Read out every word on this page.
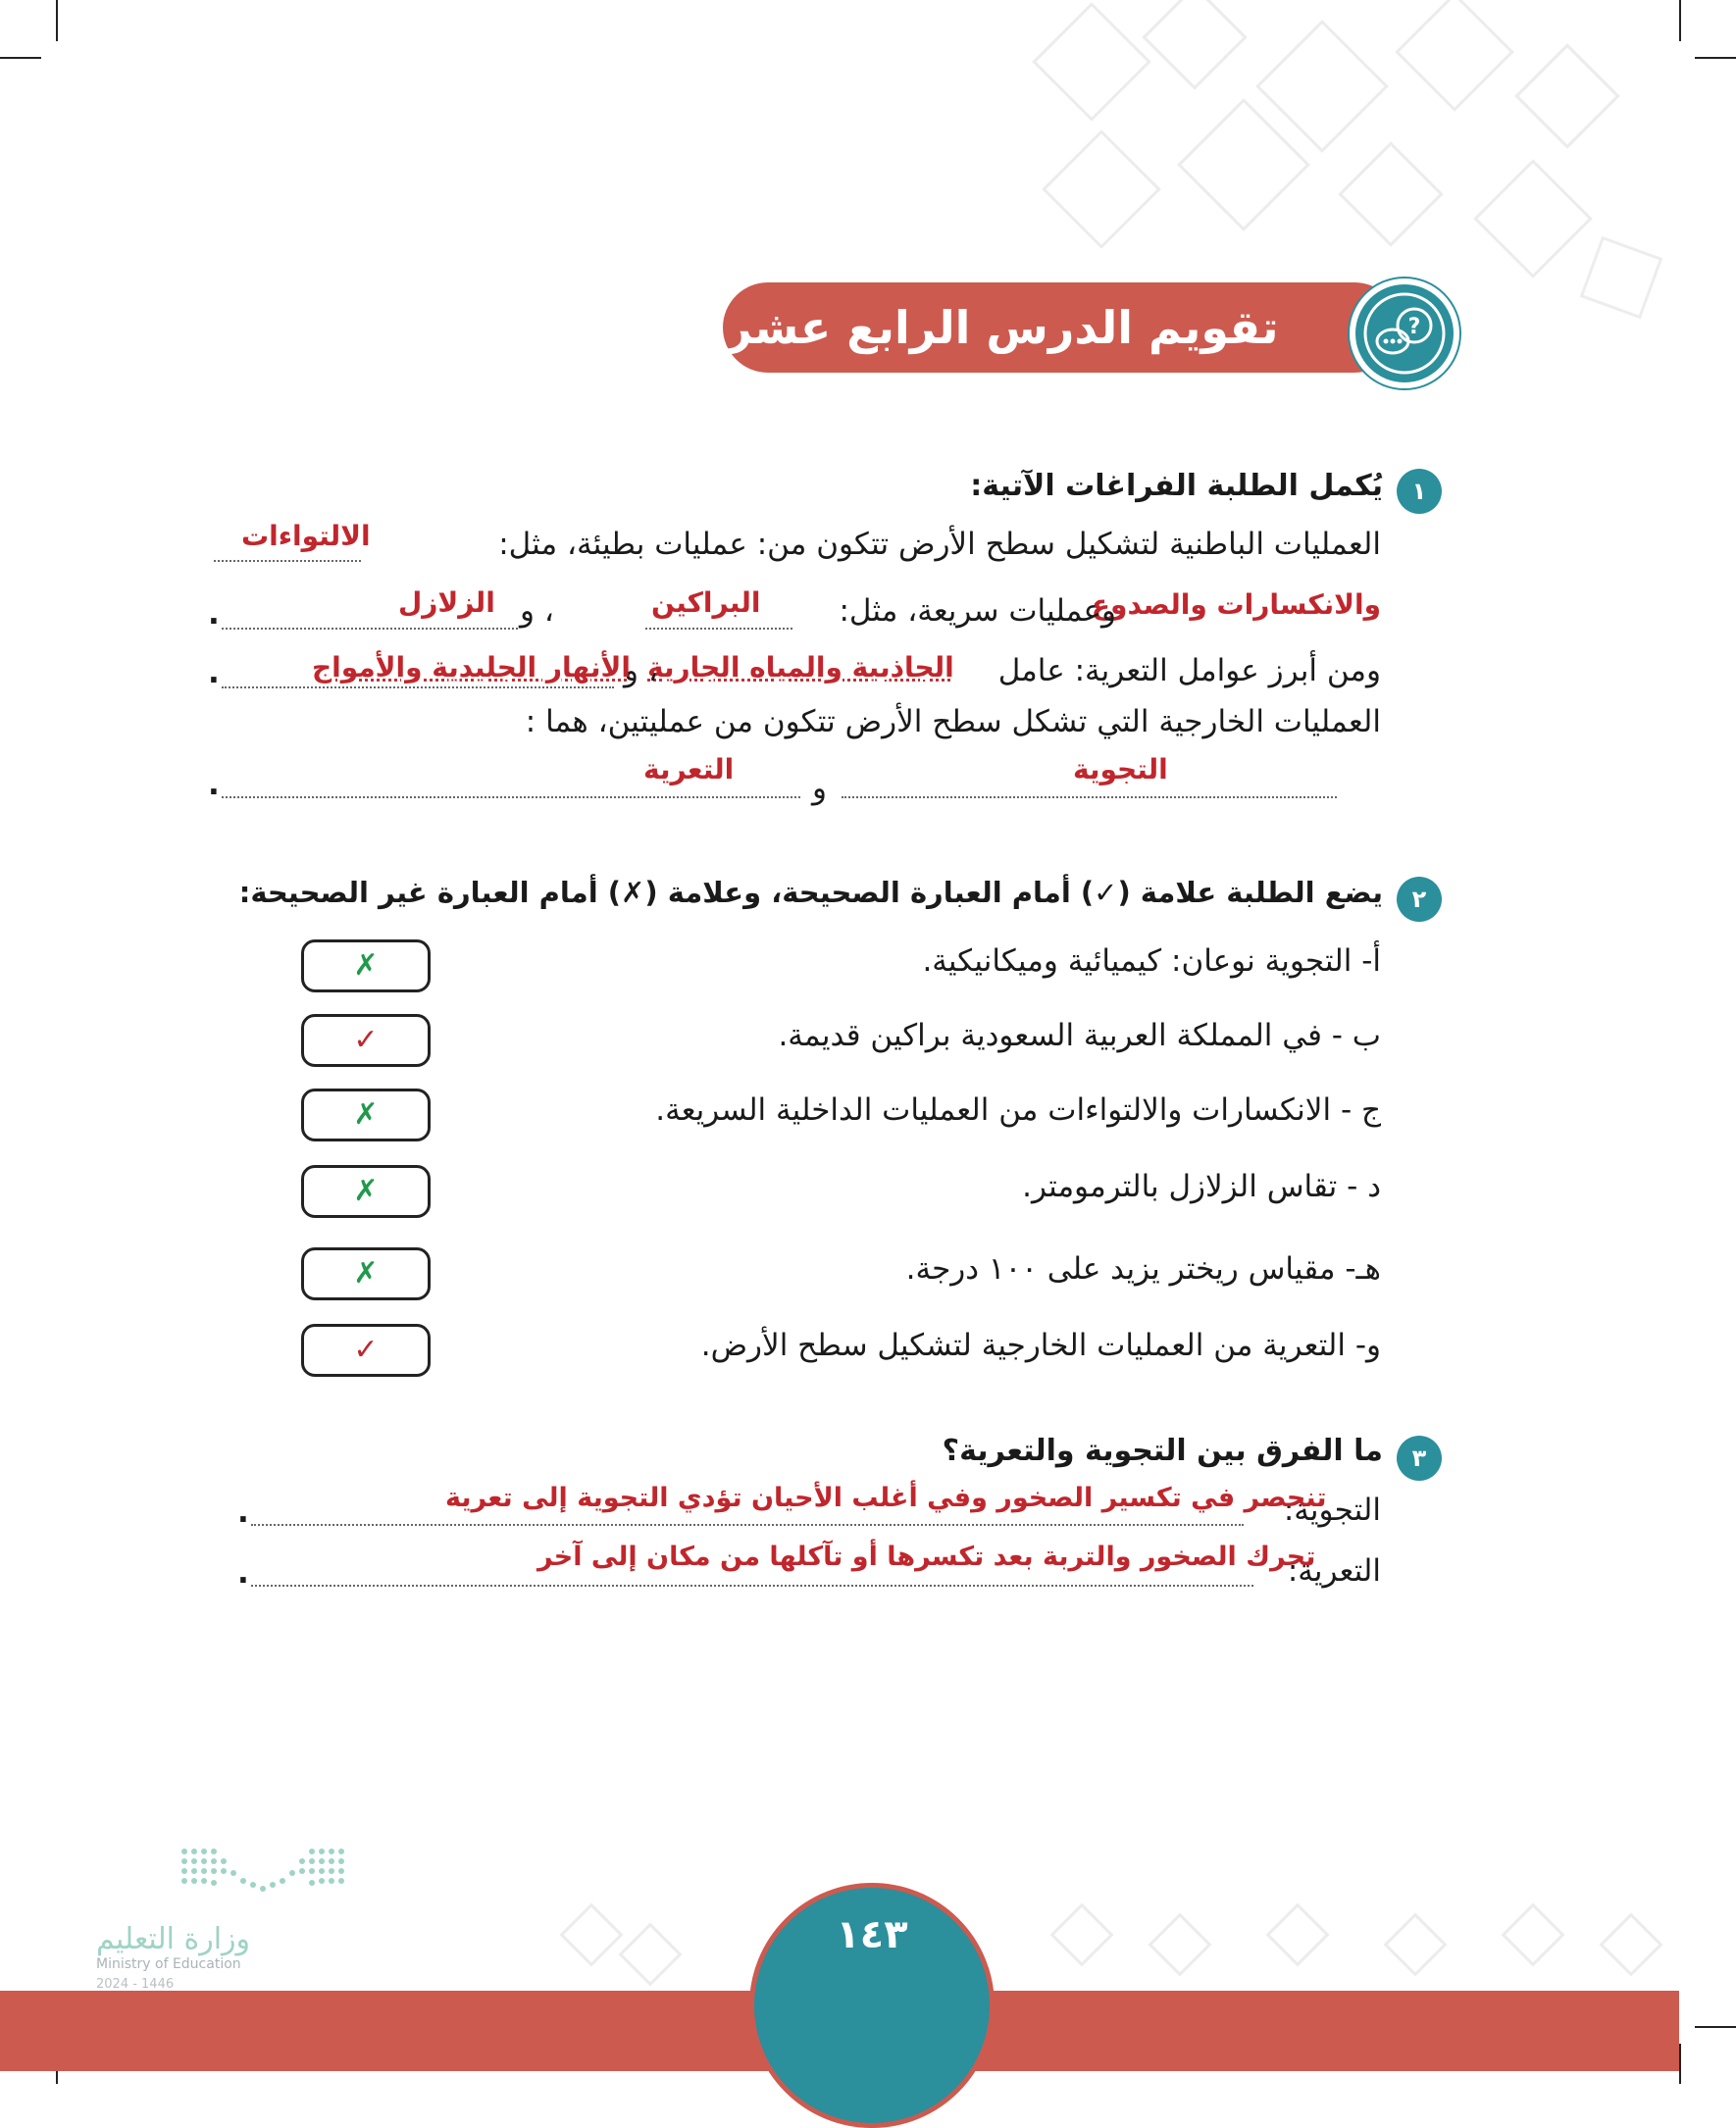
تقويم الدرس الرابع عشر	?
١
يُكمل الطلبة الفراغات الآتية:
العمليات الباطنية لتشكيل سطح الأرض تتكون من: عمليات بطيئة، مثل:
الالتواءات
والانكسارات والصدوع
وعمليات سريعة، مثل:
البراكين
، و
الزلازل
.
ومن أبرز عوامل التعرية: عامل
الجاذبية والمياه الجارية
، و
الأنهار الجليدية والأمواج
.
العمليات الخارجية التي تشكل سطح الأرض تتكون من عمليتين، هما :
التجوية
و
التعرية
.
٢
يضع الطلبة علامة (✓) أمام العبارة الصحيحة، وعلامة (✗) أمام العبارة غير الصحيحة:
أ- التجوية نوعان: كيميائية وميكانيكية.
✗
ب - في المملكة العربية السعودية براكين قديمة.
✓
ج - الانكسارات والالتواءات من العمليات الداخلية السريعة.
✗
د - تقاس الزلازل بالترمومتر.
✗
هـ- مقياس ريختر يزيد على ١٠٠ درجة.
✗
و- التعرية من العمليات الخارجية لتشكيل سطح الأرض.
✓
٣
ما الفرق بين التجوية والتعرية؟
التجوية:
تنحصر في تكسير الصخور وفي أغلب الأحيان تؤدي التجوية إلى تعرية
.
التعرية:
تحرك الصخور والتربة بعد تكسرها أو تآكلها من مكان إلى آخر
.
١٤٣
وزارة التعليم
Ministry of Education
2024 - 1446
